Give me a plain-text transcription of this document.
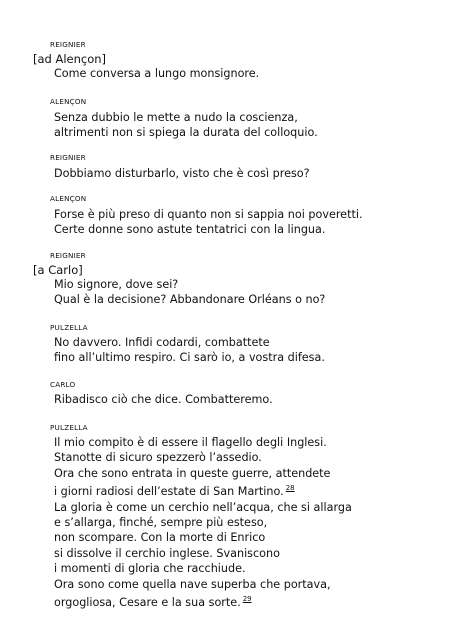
REIGNIER
[ad Alençon]
Come conversa a lungo monsignore.
ALENÇON
Senza dubbio le mette a nudo la coscienza,
altrimenti non si spiega la durata del colloquio.
REIGNIER
Dobbiamo disturbarlo, visto che è così preso?
ALENÇON
Forse è più preso di quanto non si sappia noi poveretti.
Certe donne sono astute tentatrici con la lingua.
REIGNIER
[a Carlo]
Mio signore, dove sei?
Qual è la decisione? Abbandonare Orléans o no?
PULZELLA
No davvero. Infidi codardi, combattete
fino all’ultimo respiro. Ci sarò io, a vostra difesa.
CARLO
Ribadisco ciò che dice. Combatteremo.
PULZELLA
Il mio compito è di essere il flagello degli Inglesi.
Stanotte di sicuro spezzerò l’assedio.
Ora che sono entrata in queste guerre, attendete
i giorni radiosi dell’estate di San Martino. $^{28}$
La gloria è come un cerchio nell’acqua, che si allarga
e s’allarga, finché, sempre più esteso,
non scompare. Con la morte di Enrico
si dissolve il cerchio inglese. Svaniscono
i momenti di gloria che racchiude.
Ora sono come quella nave superba che portava,
orgogliosa, Cesare e la sua sorte. $^{29}$
